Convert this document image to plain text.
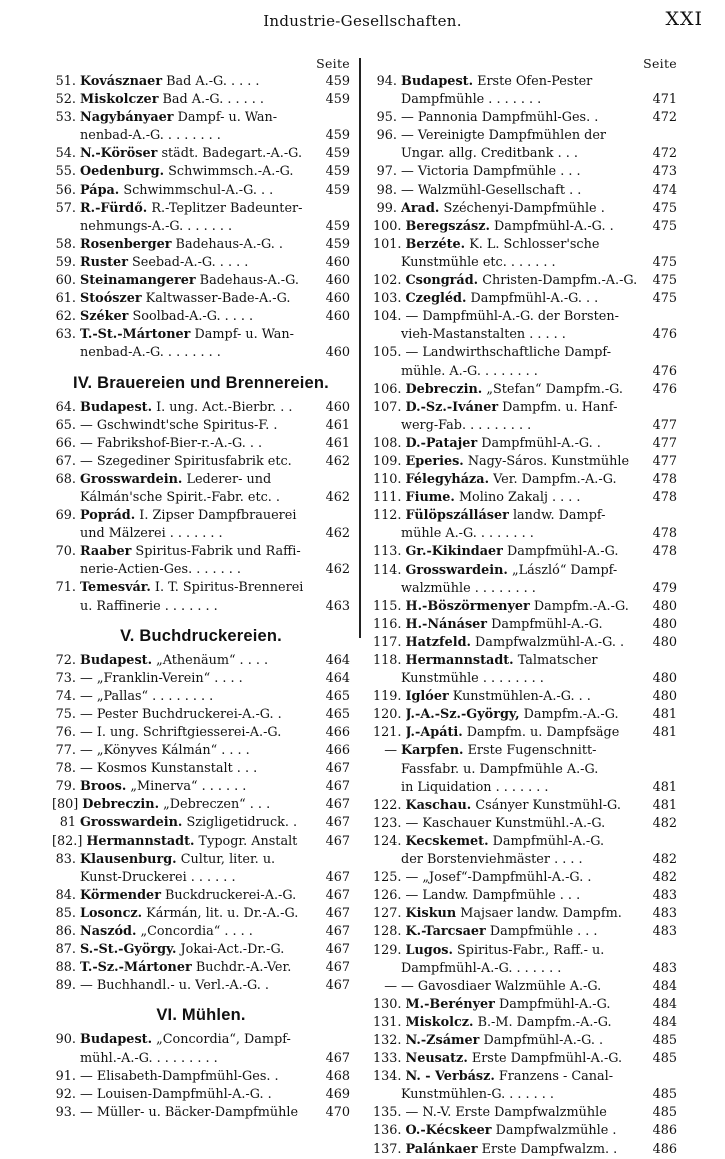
Industrie-Gesellschaften.	XXI
Seite
51. Kovásznaer Bad A.-G. . . . .	459
52. Miskolczer Bad A.-G. . . . . .	459
53. Nagybányaer Dampf- u. Wan-
nenbad-A.-G. . . . . . . .	459
54. N.-Köröser städt. Badegart.-A.-G.	459
55. Oedenburg. Schwimmsch.-A.-G.	459
56. Pápa. Schwimmschul-A.-G. . .	459
57. R.-Fürdő. R.-Teplitzer Badeunter-
nehmungs-A.-G. . . . . . .	459
58. Rosenberger Badehaus-A.-G. .	459
59. Ruster Seebad-A.-G. . . . .	460
60. Steinamangerer Badehaus-A.-G.	460
61. Stoószer Kaltwasser-Bade-A.-G.	460
62. Széker Soolbad-A.-G. . . . .	460
63. T.-St.-Mártoner Dampf- u. Wan-
nenbad-A.-G. . . . . . . .	460
IV. Brauereien und Brennereien.
64. Budapest. I. ung. Act.-Bierbr. . .	460
65. — Gschwindt'sche Spiritus-F. .	461
66. — Fabrikshof-Bier-r.-A.-G. . .	461
67. — Szegediner Spiritusfabrik etc.	462
68. Grosswardein. Lederer- und
Kálmán'sche Spirit.-Fabr. etc. .	462
69. Poprád. I. Zipser Dampfbrauerei
und Mälzerei . . . . . . .	462
70. Raaber Spiritus-Fabrik und Raffi-
nerie-Actien-Ges. . . . . . .	462
71. Temesvár. I. T. Spiritus-Brennerei
u. Raffinerie . . . . . . .	463
V. Buchdruckereien.
72. Budapest. „Athenäum“ . . . .	464
73. — „Franklin-Verein“ . . . .	464
74. — „Pallas“ . . . . . . . .	465
75. — Pester Buchdruckerei-A.-G. .	465
76. — I. ung. Schriftgiesserei-A.-G.	466
77. — „Könyves Kálmán“ . . . .	466
78. — Kosmos Kunstanstalt . . .	467
79. Broos. „Minerva“ . . . . . .	467
[80] Debreczin. „Debreczen“ . . .	467
81 Grosswardein. Szigligetidruck. .	467
[82.] Hermannstadt. Typogr. Anstalt	467
83. Klausenburg. Cultur, liter. u.
Kunst-Druckerei . . . . . .	467
84. Körmender Buckdruckerei-A.-G.	467
85. Losoncz. Kármán, lit. u. Dr.-A.-G.	467
86. Naszód. „Concordia“ . . . .	467
87. S.-St.-György. Jokai-Act.-Dr.-G.	467
88. T.-Sz.-Mártoner Buchdr.-A.-Ver.	467
89. — Buchhandl.- u. Verl.-A.-G. .	467
VI. Mühlen.
90. Budapest. „Concordia“, Dampf-
mühl.-A.-G. . . . . . . . .	467
91. — Elisabeth-Dampfmühl-Ges. .	468
92. — Louisen-Dampfmühl-A.-G. .	469
93. — Müller- u. Bäcker-Dampfmühle	470
Seite
94. Budapest. Erste Ofen-Pester
Dampfmühle . . . . . . .	471
95. — Pannonia Dampfmühl-Ges. .	472
96. — Vereinigte Dampfmühlen der
Ungar. allg. Creditbank . . .	472
97. — Victoria Dampfmühle . . .	473
98. — Walzmühl-Gesellschaft . .	474
99. Arad. Széchenyi-Dampfmühle .	475
100. Beregszász. Dampfmühl-A.-G. .	475
101. Berzéte. K. L. Schlosser'sche
Kunstmühle etc. . . . . . .	475
102. Csongrád. Christen-Dampfm.-A.-G.	475
103. Czegléd. Dampfmühl-A.-G. . .	475
104. — Dampfmühl-A.-G. der Borsten-
vieh-Mastanstalten . . . . .	476
105. — Landwirthschaftliche Dampf-
mühle. A.-G. . . . . . . .	476
106. Debreczin. „Stefan“ Dampfm.-G.	476
107. D.-Sz.-Iváner Dampfm. u. Hanf-
werg-Fab. . . . . . . . .	477
108. D.-Patajer Dampfmühl-A.-G. .	477
109. Eperies. Nagy-Sáros. Kunstmühle	477
110. Félegyháza. Ver. Dampfm.-A.-G.	478
111. Fiume. Molino Zakalj . . . .	478
112. Fülöpszálláser landw. Dampf-
mühle A.-G. . . . . . . .	478
113. Gr.-Kikindaer Dampfmühl-A.-G.	478
114. Grosswardein. „László“ Dampf-
walzmühle . . . . . . . .	479
115. H.-Böszörmenyer Dampfm.-A.-G.	480
116. H.-Nánáser Dampfmühl-A.-G.	480
117. Hatzfeld. Dampfwalzmühl-A.-G. .	480
118. Hermannstadt. Talmatscher
Kunstmühle . . . . . . . .	480
119. Iglóer Kunstmühlen-A.-G. . .	480
120. J.-A.-Sz.-György, Dampfm.-A.-G.	481
121. J.-Apáti. Dampfm. u. Dampfsäge	481
— Karpfen. Erste Fugenschnitt-
Fassfabr. u. Dampfmühle A.-G.
in Liquidation . . . . . . .	481
122. Kaschau. Csányer Kunstmühl-G.	481
123. — Kaschauer Kunstmühl.-A.-G.	482
124. Kecskemet. Dampfmühl-A.-G.
der Borstenviehmäster . . . .	482
125. — „Josef“-Dampfmühl-A.-G. .	482
126. — Landw. Dampfmühle . . .	483
127. Kiskun Majsaer landw. Dampfm.	483
128. K.-Tarcsaer Dampfmühle . . .	483
129. Lugos. Spiritus-Fabr., Raff.- u.
Dampfmühl-A.-G. . . . . . .	483
— — Gavosdiaer Walzmühle A.-G.	484
130. M.-Berényer Dampfmühl-A.-G.	484
131. Miskolcz. B.-M. Dampfm.-A.-G.	484
132. N.-Zsámer Dampfmühl-A.-G. .	485
133. Neusatz. Erste Dampfmühl-A.-G.	485
134. N. - Verbász. Franzens - Canal-
Kunstmühlen-G. . . . . . .	485
135. — N.-V. Erste Dampfwalzmühle	485
136. O.-Kécskeer Dampfwalzmühle .	486
137. Palánkaer Erste Dampfwalzm. .	486
